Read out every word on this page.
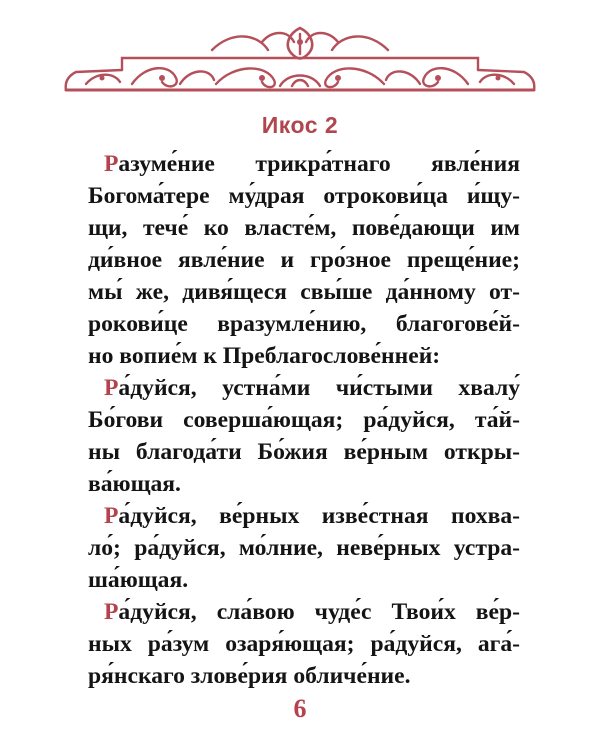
Икос 2
Разуме́ние трикра́тнаго явле́ния
Богома́тере му́драя отрокови́ца и́щу-
щи, тече́ ко власте́м, пове́дающи им
ди́вное явле́ние и гро́зное преще́ние;
мы́ же, дивя́щеся свы́ше да́нному от-
рокови́це вразумле́нию, благогове́й-
но вопие́м к Преблагослове́нней:
Ра́дуйся, устна́ми чи́стыми хвалу́
Бо́гови соверша́ющая; ра́дуйся, та́й-
ны благода́ти Бо́жия ве́рным откры-
ва́ющая.
Ра́дуйся, ве́рных изве́стная похва-
ло́; ра́дуйся, мо́лние, неве́рных устра-
ша́ющая.
Ра́дуйся, сла́вою чуде́с Твои́х ве́р-
ных ра́зум озаря́ющая; ра́дуйся, ага́-
ря́нскаго злове́рия обличе́ние.
6
